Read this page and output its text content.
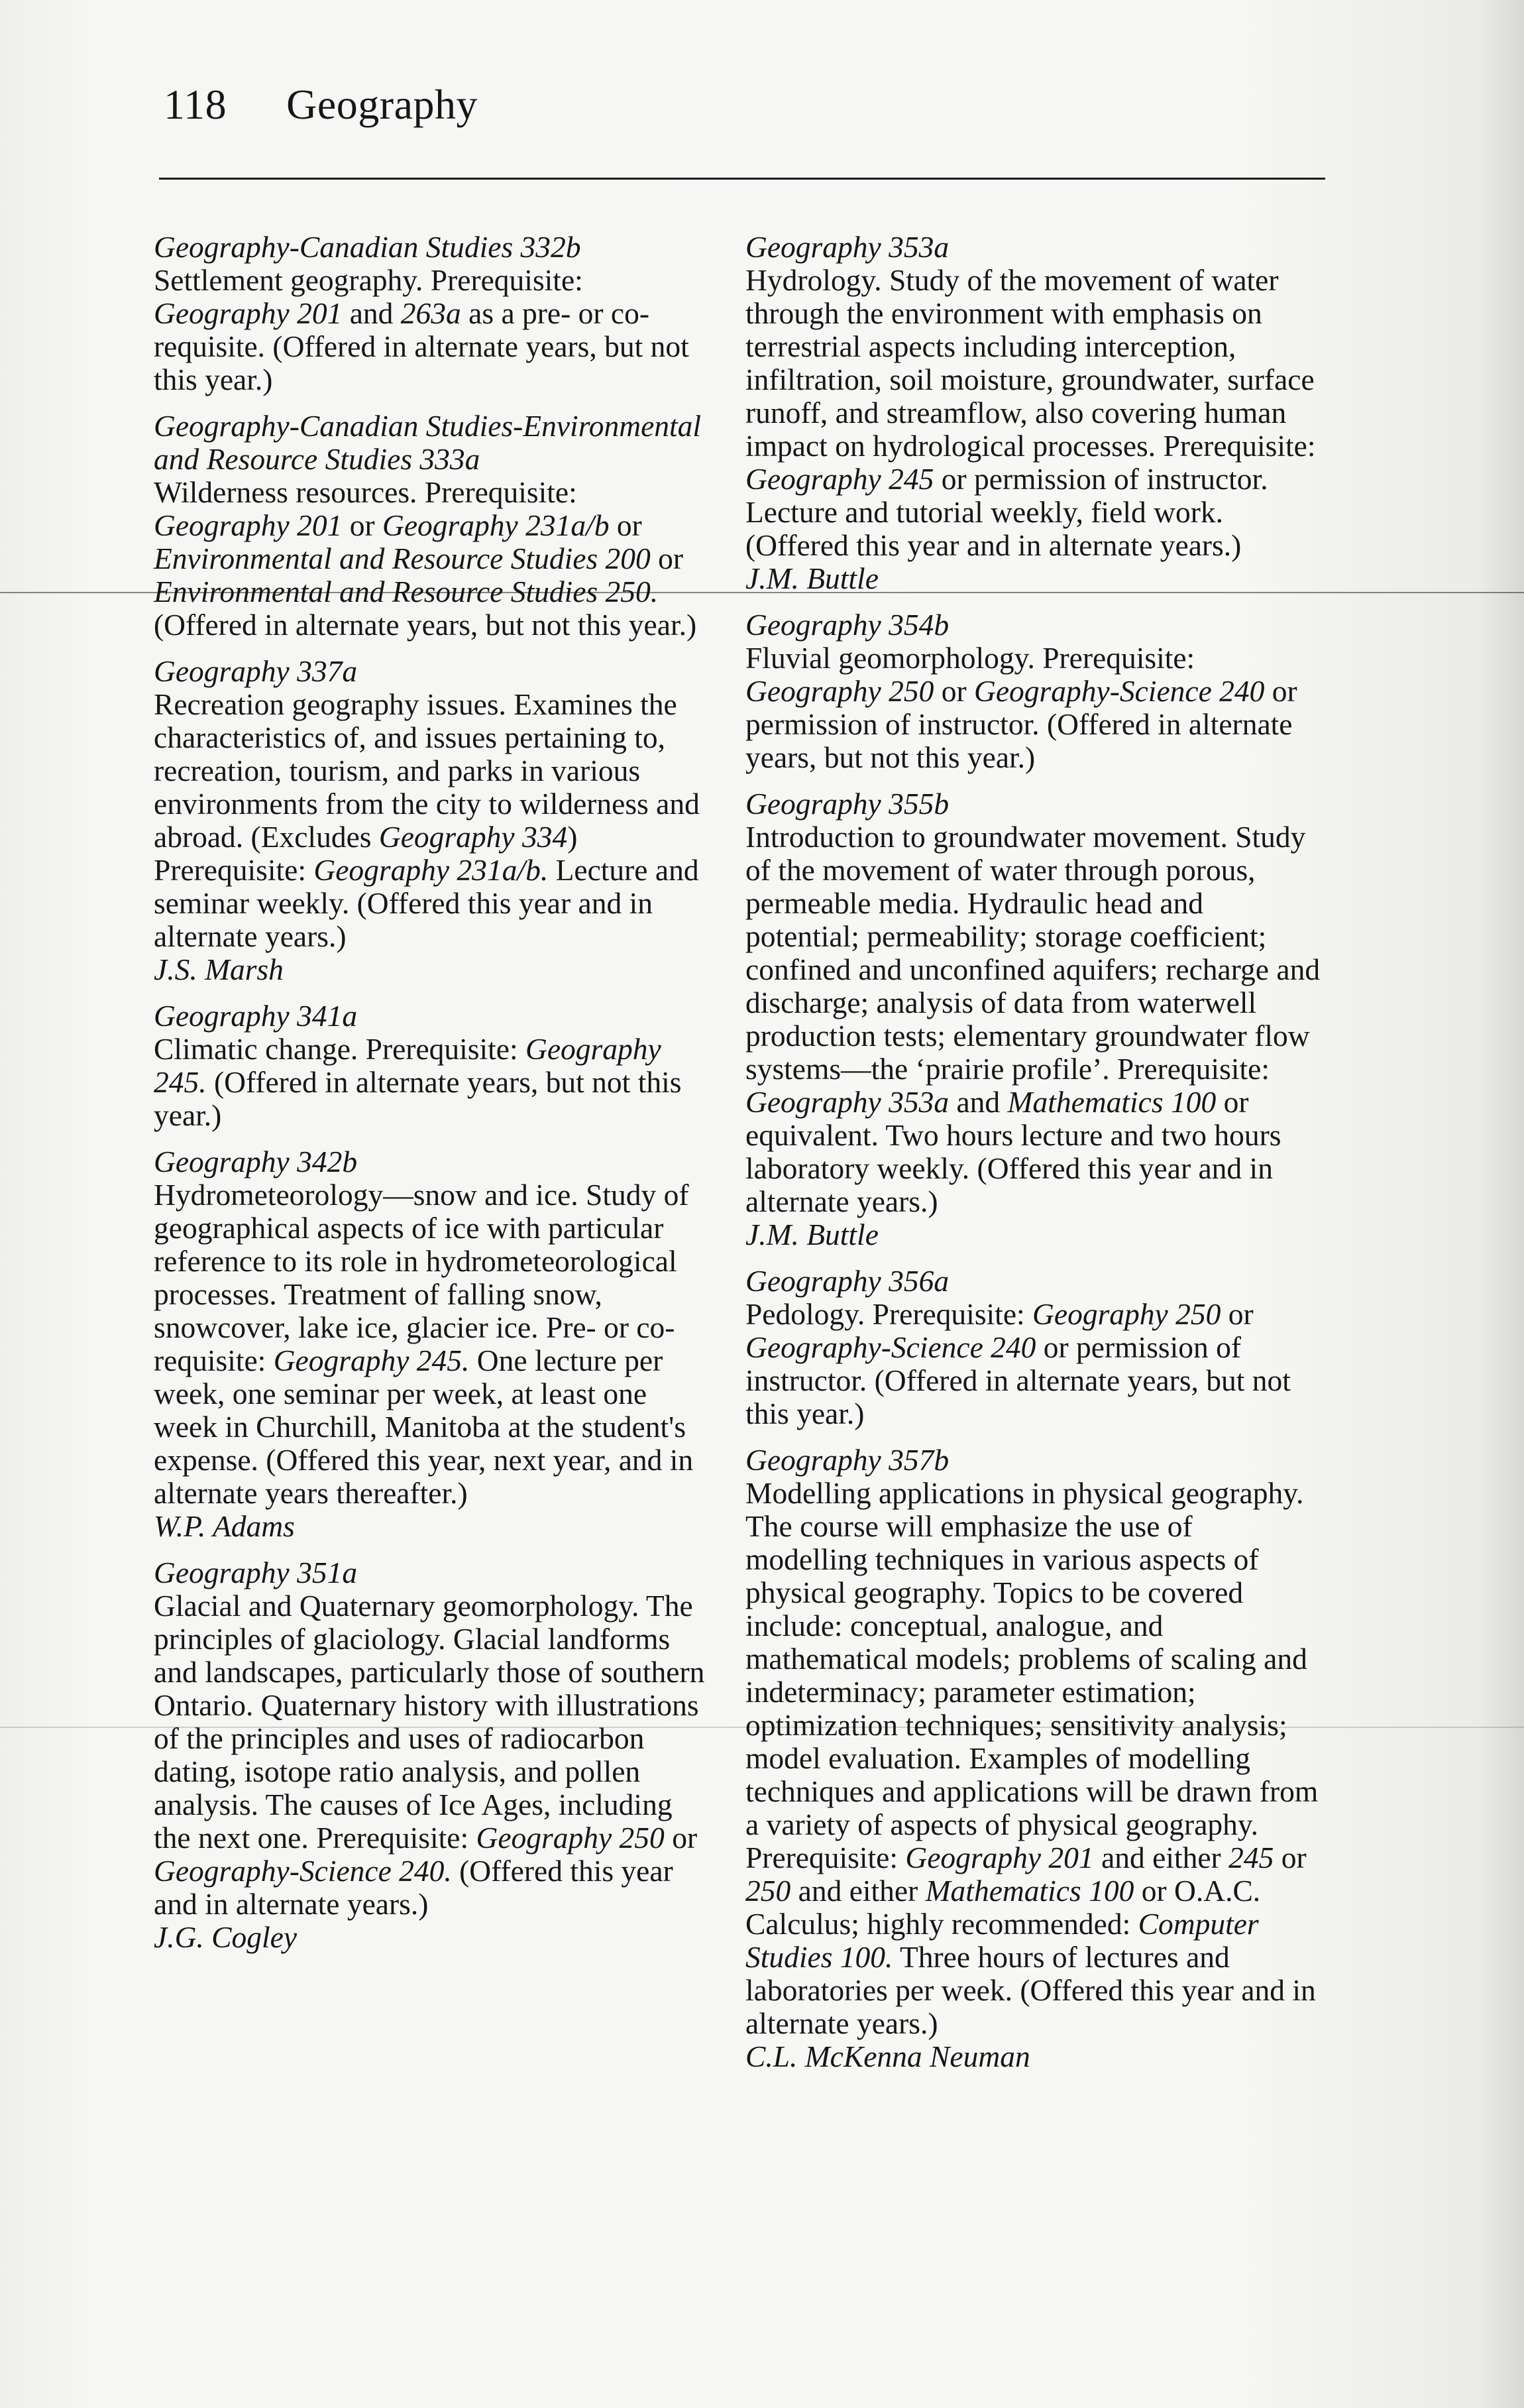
118 Geography
Geography-Canadian Studies 332b
Settlement geography. Prerequisite: Geography 201 and 263a as a pre- or co-requisite. (Offered in alternate years, but not this year.)
Geography-Canadian Studies-Environmental and Resource Studies 333a
Wilderness resources. Prerequisite: Geography 201 or Geography 231a/b or Environmental and Resource Studies 200 or Environmental and Resource Studies 250. (Offered in alternate years, but not this year.)
Geography 337a
Recreation geography issues. Examines the characteristics of, and issues pertaining to, recreation, tourism, and parks in various environments from the city to wilderness and abroad. (Excludes Geography 334) Prerequisite: Geography 231a/b. Lecture and seminar weekly. (Offered this year and in alternate years.)
J.S. Marsh
Geography 341a
Climatic change. Prerequisite: Geography 245. (Offered in alternate years, but not this year.)
Geography 342b
Hydrometeorology—snow and ice. Study of geographical aspects of ice with particular reference to its role in hydrometeorological processes. Treatment of falling snow, snowcover, lake ice, glacier ice. Pre- or co-requisite: Geography 245. One lecture per week, one seminar per week, at least one week in Churchill, Manitoba at the student's expense. (Offered this year, next year, and in alternate years thereafter.)
W.P. Adams
Geography 351a
Glacial and Quaternary geomorphology. The principles of glaciology. Glacial landforms and landscapes, particularly those of southern Ontario. Quaternary history with illustrations of the principles and uses of radiocarbon dating, isotope ratio analysis, and pollen analysis. The causes of Ice Ages, including the next one. Prerequisite: Geography 250 or Geography-Science 240. (Offered this year and in alternate years.)
J.G. Cogley
Geography 353a
Hydrology. Study of the movement of water through the environment with emphasis on terrestrial aspects including interception, infiltration, soil moisture, groundwater, surface runoff, and streamflow, also covering human impact on hydrological processes. Prerequisite: Geography 245 or permission of instructor. Lecture and tutorial weekly, field work. (Offered this year and in alternate years.)
J.M. Buttle
Geography 354b
Fluvial geomorphology. Prerequisite: Geography 250 or Geography-Science 240 or permission of instructor. (Offered in alternate years, but not this year.)
Geography 355b
Introduction to groundwater movement. Study of the movement of water through porous, permeable media. Hydraulic head and potential; permeability; storage coefficient; confined and unconfined aquifers; recharge and discharge; analysis of data from waterwell production tests; elementary groundwater flow systems—the ‘prairie profile’. Prerequisite: Geography 353a and Mathematics 100 or equivalent. Two hours lecture and two hours laboratory weekly. (Offered this year and in alternate years.)
J.M. Buttle
Geography 356a
Pedology. Prerequisite: Geography 250 or Geography-Science 240 or permission of instructor. (Offered in alternate years, but not this year.)
Geography 357b
Modelling applications in physical geography. The course will emphasize the use of modelling techniques in various aspects of physical geography. Topics to be covered include: conceptual, analogue, and mathematical models; problems of scaling and indeterminacy; parameter estimation; optimization techniques; sensitivity analysis; model evaluation. Examples of modelling techniques and applications will be drawn from a variety of aspects of physical geography. Prerequisite: Geography 201 and either 245 or 250 and either Mathematics 100 or O.A.C. Calculus; highly recommended: Computer Studies 100. Three hours of lectures and laboratories per week. (Offered this year and in alternate years.)
C.L. McKenna Neuman
